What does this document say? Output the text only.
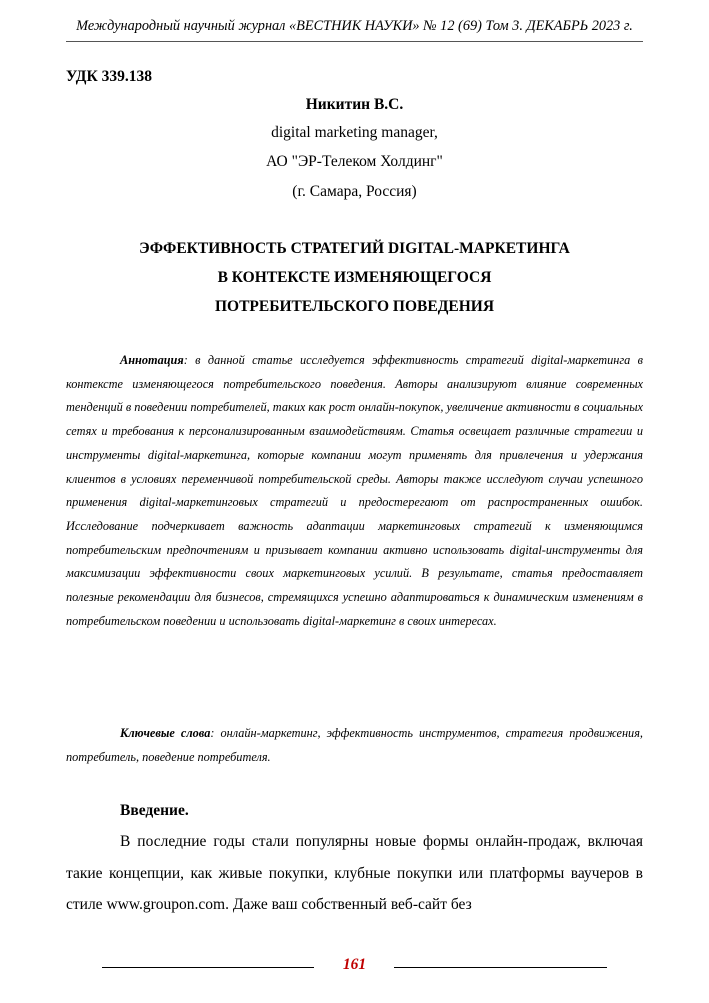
Международный научный журнал «ВЕСТНИК НАУКИ» № 12 (69) Том 3. ДЕКАБРЬ 2023 г.
УДК 339.138
Никитин В.С.
digital marketing manager,
АО "ЭР-Телеком Холдинг"
(г. Самара, Россия)
ЭФФЕКТИВНОСТЬ СТРАТЕГИЙ DIGITAL-МАРКЕТИНГА
В КОНТЕКСТЕ ИЗМЕНЯЮЩЕГОСЯ
ПОТРЕБИТЕЛЬСКОГО ПОВЕДЕНИЯ
Аннотация: в данной статье исследуется эффективность стратегий digital-маркетинга в контексте изменяющегося потребительского поведения. Авторы анализируют влияние современных тенденций в поведении потребителей, таких как рост онлайн-покупок, увеличение активности в социальных сетях и требования к персонализированным взаимодействиям. Статья освещает различные стратегии и инструменты digital-маркетинга, которые компании могут применять для привлечения и удержания клиентов в условиях переменчивой потребительской среды. Авторы также исследуют случаи успешного применения digital-маркетинговых стратегий и предостерегают от распространенных ошибок. Исследование подчеркивает важность адаптации маркетинговых стратегий к изменяющимся потребительским предпочтениям и призывает компании активно использовать digital-инструменты для максимизации эффективности своих маркетинговых усилий. В результате, статья предоставляет полезные рекомендации для бизнесов, стремящихся успешно адаптироваться к динамическим изменениям в потребительском поведении и использовать digital-маркетинг в своих интересах.
Ключевые слова: онлайн-маркетинг, эффективность инструментов, стратегия продвижения, потребитель, поведение потребителя.
Введение.
В последние годы стали популярны новые формы онлайн-продаж, включая такие концепции, как живые покупки, клубные покупки или платформы ваучеров в стиле www.groupon.com. Даже ваш собственный веб-сайт без
161
